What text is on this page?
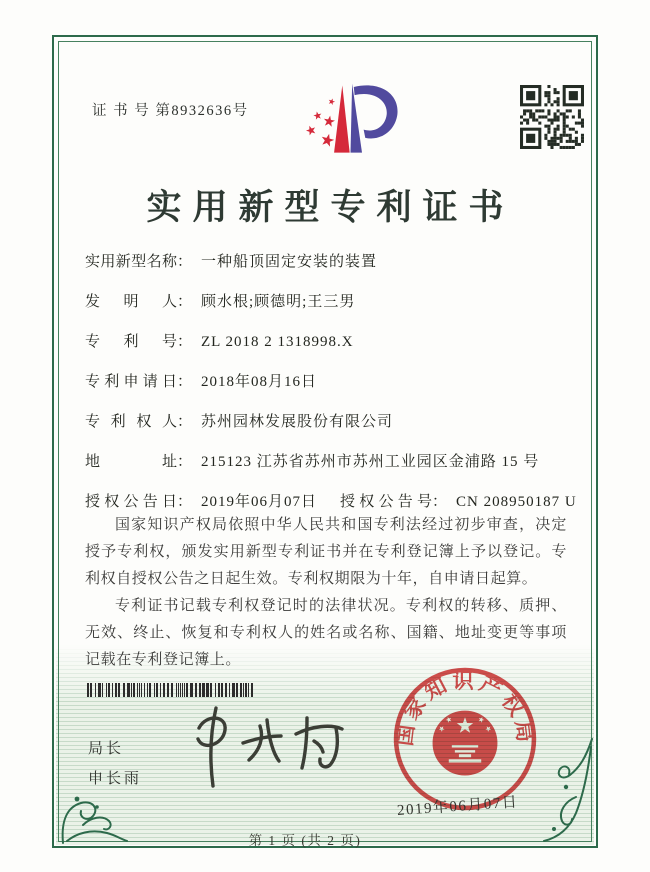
证 书 号 第8932636号
实用新型专利证书
实用新型名称： 一种船顶固定安装的装置
发明人： 顾水根;顾德明;王三男
专利号： ZL 2018 2 1318998.X
专利申请日： 2018年08月16日
专利权人： 苏州园林发展股份有限公司
地址： 215123 江苏省苏州市苏州工业园区金浦路 15 号
授权公告日： 2019年06月07日 授权公告号： CN 208950187 U

国家知识产权局依照中华人民共和国专利法经过初步审查，决定授予专利权，颁发实用新型专利证书并在专利登记簿上予以登记。专利权自授权公告之日起生效。专利权期限为十年，自申请日起算。

专利证书记载专利权登记时的法律状况。专利权的转移、质押、无效、终止、恢复和专利权人的姓名或名称、国籍、地址变更等事项记载在专利登记簿上。

局长
申长雨
国家知识产权局
2019年06月07日
第 1 页 (共 2 页)
